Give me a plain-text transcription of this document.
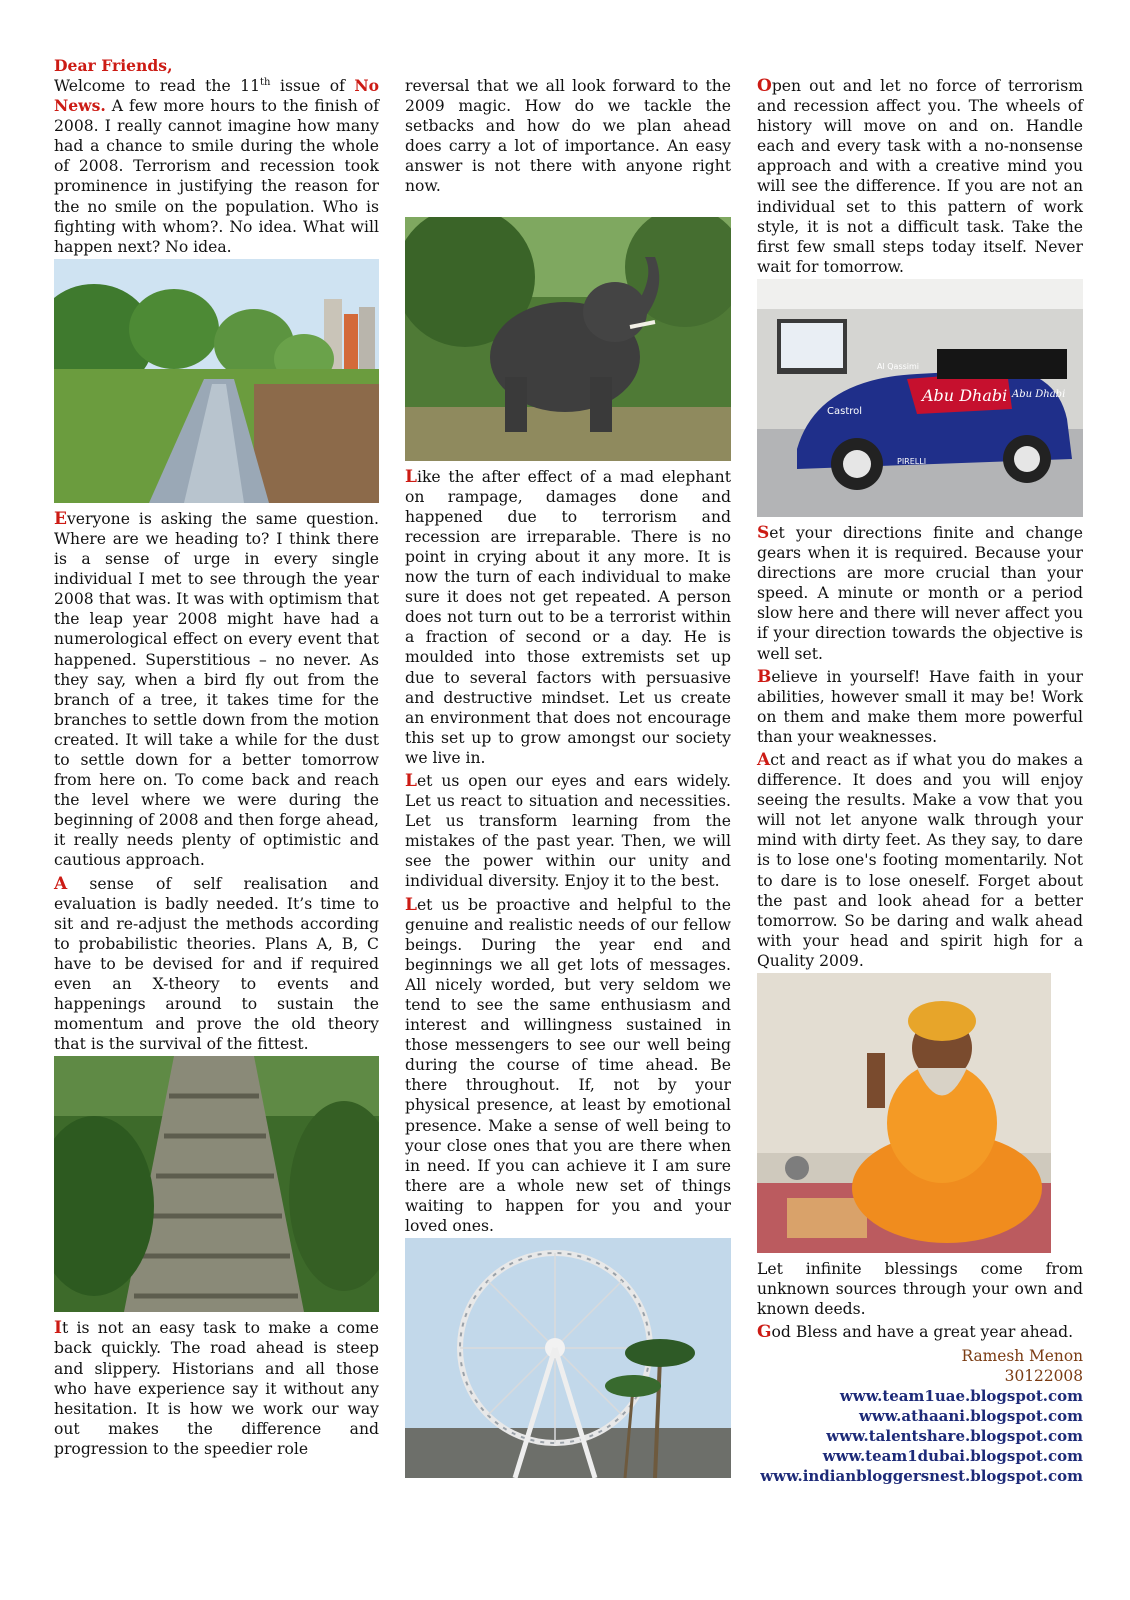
Dear Friends,

Welcome to read the 11th issue of No News. A few more hours to the finish of 2008. I really cannot imagine how many had a chance to smile during the whole of 2008. Terrorism and recession took prominence in justifying the reason for the no smile on the population. Who is fighting with whom?. No idea. What will happen next? No idea.

Everyone is asking the same question. Where are we heading to? I think there is a sense of urge in every single individual I met to see through the year 2008 that was. It was with optimism that the leap year 2008 might have had a numerological effect on every event that happened. Superstitious – no never. As they say, when a bird fly out from the branch of a tree, it takes time for the branches to settle down from the motion created. It will take a while for the dust to settle down for a better tomorrow from here on. To come back and reach the level where we were during the beginning of 2008 and then forge ahead, it really needs plenty of optimistic and cautious approach.

A sense of self realisation and evaluation is badly needed. It’s time to sit and re-adjust the methods according to probabilistic theories. Plans A, B, C have to be devised for and if required even an X-theory to events and happenings around to sustain the momentum and prove the old theory that is the survival of the fittest.

It is not an easy task to make a come back quickly. The road ahead is steep and slippery. Historians and all those who have experience say it without any hesitation. It is how we work our way out makes the difference and progression to the speedier role

reversal that we all look forward to the 2009 magic. How do we tackle the setbacks and how do we plan ahead does carry a lot of importance. An easy answer is not there with anyone right now.

Like the after effect of a mad elephant on rampage, damages done and happened due to terrorism and recession are irreparable. There is no point in crying about it any more. It is now the turn of each individual to make sure it does not get repeated. A person does not turn out to be a terrorist within a fraction of second or a day. He is moulded into those extremists set up due to several factors with persuasive and destructive mindset. Let us create an environment that does not encourage this set up to grow amongst our society we live in.

Let us open our eyes and ears widely. Let us react to situation and necessities. Let us transform learning from the mistakes of the past year. Then, we will see the power within our unity and individual diversity. Enjoy it to the best.

Let us be proactive and helpful to the genuine and realistic needs of our fellow beings. During the year end and beginnings we all get lots of messages. All nicely worded, but very seldom we tend to see the same enthusiasm and interest and willingness sustained in those messengers to see our well being during the course of time ahead. Be there throughout. If, not by your physical presence, at least by emotional presence. Make a sense of well being to your close ones that you are there when in need. If you can achieve it I am sure there are a whole new set of things waiting to happen for you and your loved ones.

Open out and let no force of terrorism and recession affect you. The wheels of history will move on and on. Handle each and every task with a no-nonsense approach and with a creative mind you will see the difference. If you are not an individual set to this pattern of work style, it is not a difficult task. Take the first few small steps today itself. Never wait for tomorrow.

Al Qassimi
Abu Dhabi Abu Dhabi
Castrol
PIRELLI

Set your directions finite and change gears when it is required. Because your directions are more crucial than your speed. A minute or month or a period slow here and there will never affect you if your direction towards the objective is well set.

Believe in yourself! Have faith in your abilities, however small it may be! Work on them and make them more powerful than your weaknesses.

Act and react as if what you do makes a difference. It does and you will enjoy seeing the results. Make a vow that you will not let anyone walk through your mind with dirty feet. As they say, to dare is to lose one's footing momentarily. Not to dare is to lose oneself. Forget about the past and look ahead for a better tomorrow. So be daring and walk ahead with your head and spirit high for a Quality 2009.

Let infinite blessings come from unknown sources through your own and known deeds.

God Bless and have a great year ahead.

Ramesh Menon
30122008
www.team1uae.blogspot.com
www.athaani.blogspot.com
www.talentshare.blogspot.com
www.team1dubai.blogspot.com
www.indianbloggersnest.blogspot.com
